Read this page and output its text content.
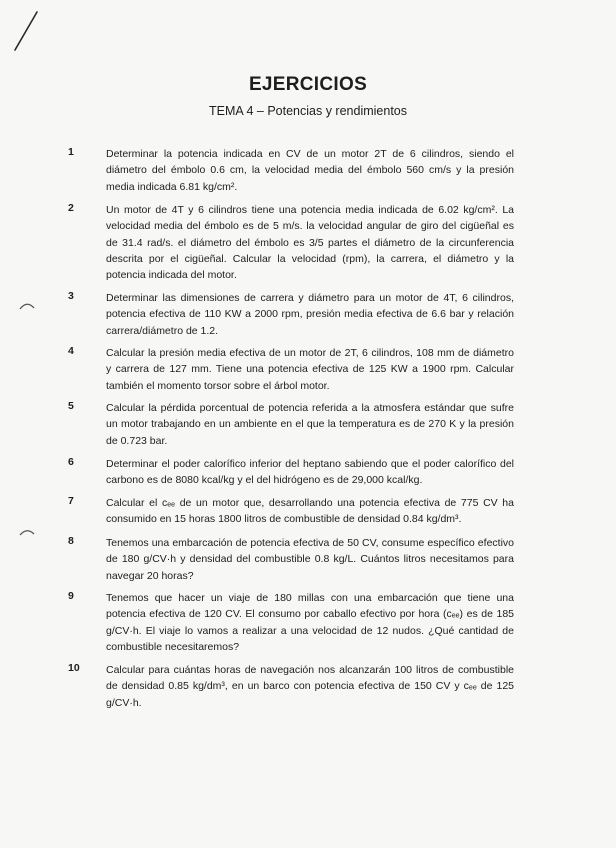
EJERCICIOS
TEMA 4 – Potencias y rendimientos
1	Determinar la potencia indicada en CV de un motor 2T de 6 cilindros, siendo el diámetro del émbolo 0.6 cm, la velocidad media del émbolo 560 cm/s y la presión media indicada 6.81 kg/cm².
2	Un motor de 4T y 6 cilindros tiene una potencia media indicada de 6.02 kg/cm². La velocidad media del émbolo es de 5 m/s. la velocidad angular de giro del cigüeñal es de 31.4 rad/s. el diámetro del émbolo es 3/5 partes el diámetro de la circunferencia descrita por el cigüeñal. Calcular la velocidad (rpm), la carrera, el diámetro y la potencia indicada del motor.
3	Determinar las dimensiones de carrera y diámetro para un motor de 4T, 6 cilindros, potencia efectiva de 110 KW a 2000 rpm, presión media efectiva de 6.6 bar y relación carrera/diámetro de 1.2.
4	Calcular la presión media efectiva de un motor de 2T, 6 cilindros, 108 mm de diámetro y carrera de 127 mm. Tiene una potencia efectiva de 125 KW a 1900 rpm. Calcular también el momento torsor sobre el árbol motor.
5	Calcular la pérdida porcentual de potencia referida a la atmosfera estándar que sufre un motor trabajando en un ambiente en el que la temperatura es de 270 K y la presión de 0.723 bar.
6	Determinar el poder calorífico inferior del heptano sabiendo que el poder calorífico del carbono es de 8080 kcal/kg y el del hidrógeno es de 29,000 kcal/kg.
7	Calcular el cₑₑ de un motor que, desarrollando una potencia efectiva de 775 CV ha consumido en 15 horas 1800 litros de combustible de densidad 0.84 kg/dm³.
8	Tenemos una embarcación de potencia efectiva de 50 CV, consume específico efectivo de 180 g/CV·h y densidad del combustible 0.8 kg/L. Cuántos litros necesitamos para navegar 20 horas?
9	Tenemos que hacer un viaje de 180 millas con una embarcación que tiene una potencia efectiva de 120 CV. El consumo por caballo efectivo por hora (cₑₑ) es de 185 g/CV·h. El viaje lo vamos a realizar a una velocidad de 12 nudos. ¿Qué cantidad de combustible necesitaremos?
10	Calcular para cuántas horas de navegación nos alcanzarán 100 litros de combustible de densidad 0.85 kg/dm³, en un barco con potencia efectiva de 150 CV y cₑₑ de 125 g/CV·h.
